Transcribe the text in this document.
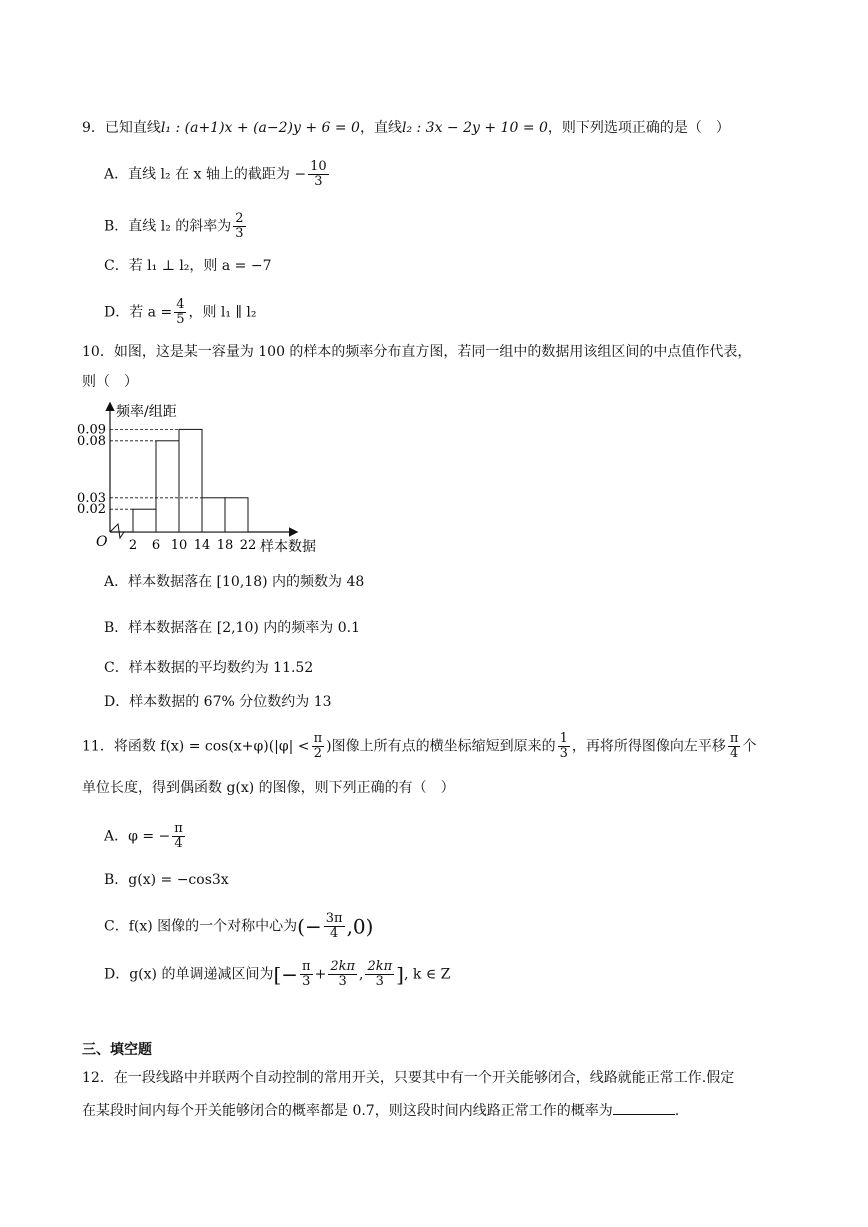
9．已知直线l₁ : (a+1)x + (a−2)y + 6 = 0，直线l₂ : 3x − 2y + 10 = 0，则下列选项正确的是（　）
A．直线 l₂ 在 x 轴上的截距为 − $\frac{10}{3}$
B．直线 l₂ 的斜率为 $\frac{2}{3}$
C．若 l₁ ⊥ l₂，则 a = −7
D．若 $a = \frac{4}{5}$ ，则 l₁ ∥ l₂
10．如图，这是某一容量为 100 的样本的频率分布直方图，若同一组中的数据用该组区间的中点值作代表，
则（　）
频率/组距
样本数据
O
0.02
0.03
0.08
0.09
2 6 10 14 18 22
A．样本数据落在 [10,18) 内的频数为 48
B．样本数据落在 [2,10) 内的频率为 0.1
C．样本数据的平均数约为 11.52
D．样本数据的 67% 分位数约为 13
11．将函数 $f(x) = \cos(x+\varphi)(|\varphi| < \frac{\pi}{2}$ )图像上所有点的横坐标缩短到原来的 $\frac{1}{3}$ ，再将所得图像向左平移 $\frac{\pi}{4}$ 个
单位长度，得到偶函数 g(x) 的图像，则下列正确的有（　）
A．φ = − $\frac{\pi}{4}$
B．g(x) = −cos3x
C．f(x) 图像的一个对称中心为(− $\frac{3\pi}{4} ,0$)
D．g(x) 的单调递减区间为[− $\frac{\pi}{3} + \frac{2k\pi}{3}$ , $\frac{2k\pi}{3}$ ], k ∈ Z
三、填空题
12．在一段线路中并联两个自动控制的常用开关，只要其中有一个开关能够闭合，线路就能正常工作.假定
在某段时间内每个开关能够闭合的概率都是 0.7，则这段时间内线路正常工作的概率为	.
